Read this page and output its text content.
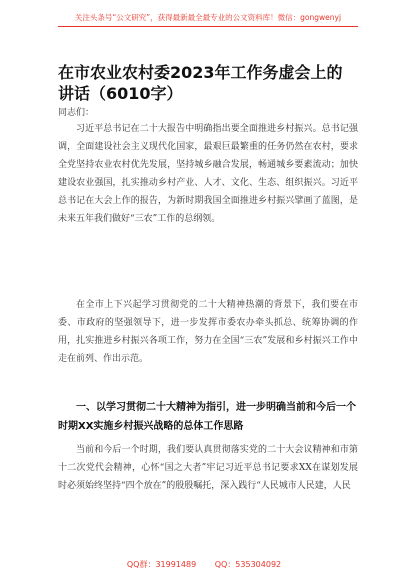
关注头条号“公文研究”，获得最新最全最专业的公文资料库！微信：gongwenyj
在市农业农村委2023年工作务虚会上的讲话（6010字）
同志们：

习近平总书记在二十大报告中明确指出要全面推进乡村振兴。总书记强调，全面建设社会主义现代化国家，最艰巨最繁重的任务仍然在农村，要求全党坚持农业农村优先发展，坚持城乡融合发展，畅通城乡要素流动；加快建设农业强国，扎实推动乡村产业、人才、文化、生态、组织振兴。习近平总书记在大会上作的报告，为新时期我国全面推进乡村振兴擘画了蓝图，是未来五年我们做好“三农”工作的总纲领。

在全市上下兴起学习贯彻党的二十大精神热潮的背景下，我们要在市委、市政府的坚强领导下，进一步发挥市委农办牵头抓总、统筹协调的作用，扎实推进乡村振兴各项工作，努力在全国“三农”发展和乡村振兴工作中走在前列、作出示范。

一、以学习贯彻二十大精神为指引，进一步明确当前和今后一个时期XX实施乡村振兴战略的总体工作思路

当前和今后一个时期，我们要认真贯彻落实党的二十大会议精神和市第十二次党代会精神，心怀“国之大者”牢记习近平总书记要求XX在谋划发展时必须始终坚持“四个放在”的殷殷嘱托，深入践行“人民城市人民建，人民

QQ群：31991489 QQ：535304092
